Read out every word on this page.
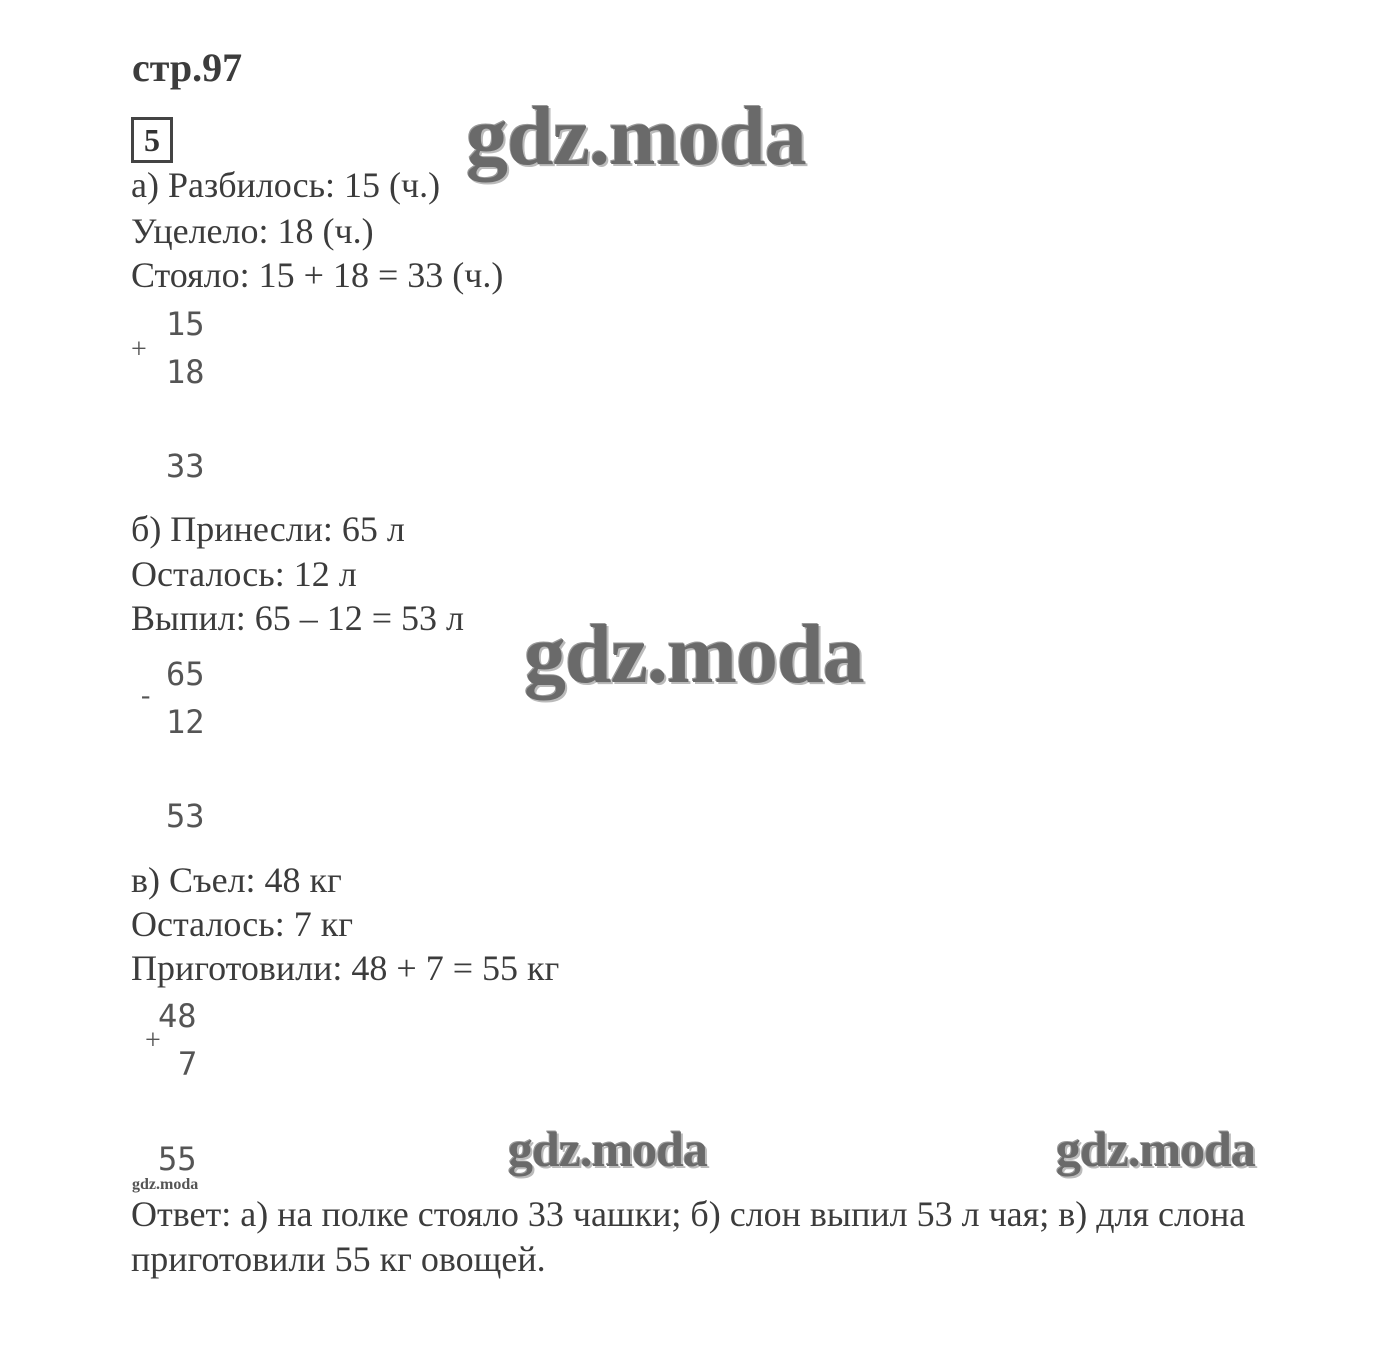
стр.97
5	gdz.moda
gdz.moda
gdz.moda	gdz.moda
gdz.moda
а) Разбилось: 15 (ч.)
Уцелело: 18 (ч.)
Стояло: 15 + 18 = 33 (ч.)
+
15
18
33
б) Принесли: 65 л
Осталось: 12 л
Выпил: 65 – 12 = 53 л
-
65
12
53
в) Съел: 48 кг
Осталось: 7 кг
Приготовили: 48 + 7 = 55 кг
+
48
7
55
Ответ: а) на полке стояло 33 чашки; б) слон выпил 53 л чая; в) для слона
приготовили 55 кг овощей.
